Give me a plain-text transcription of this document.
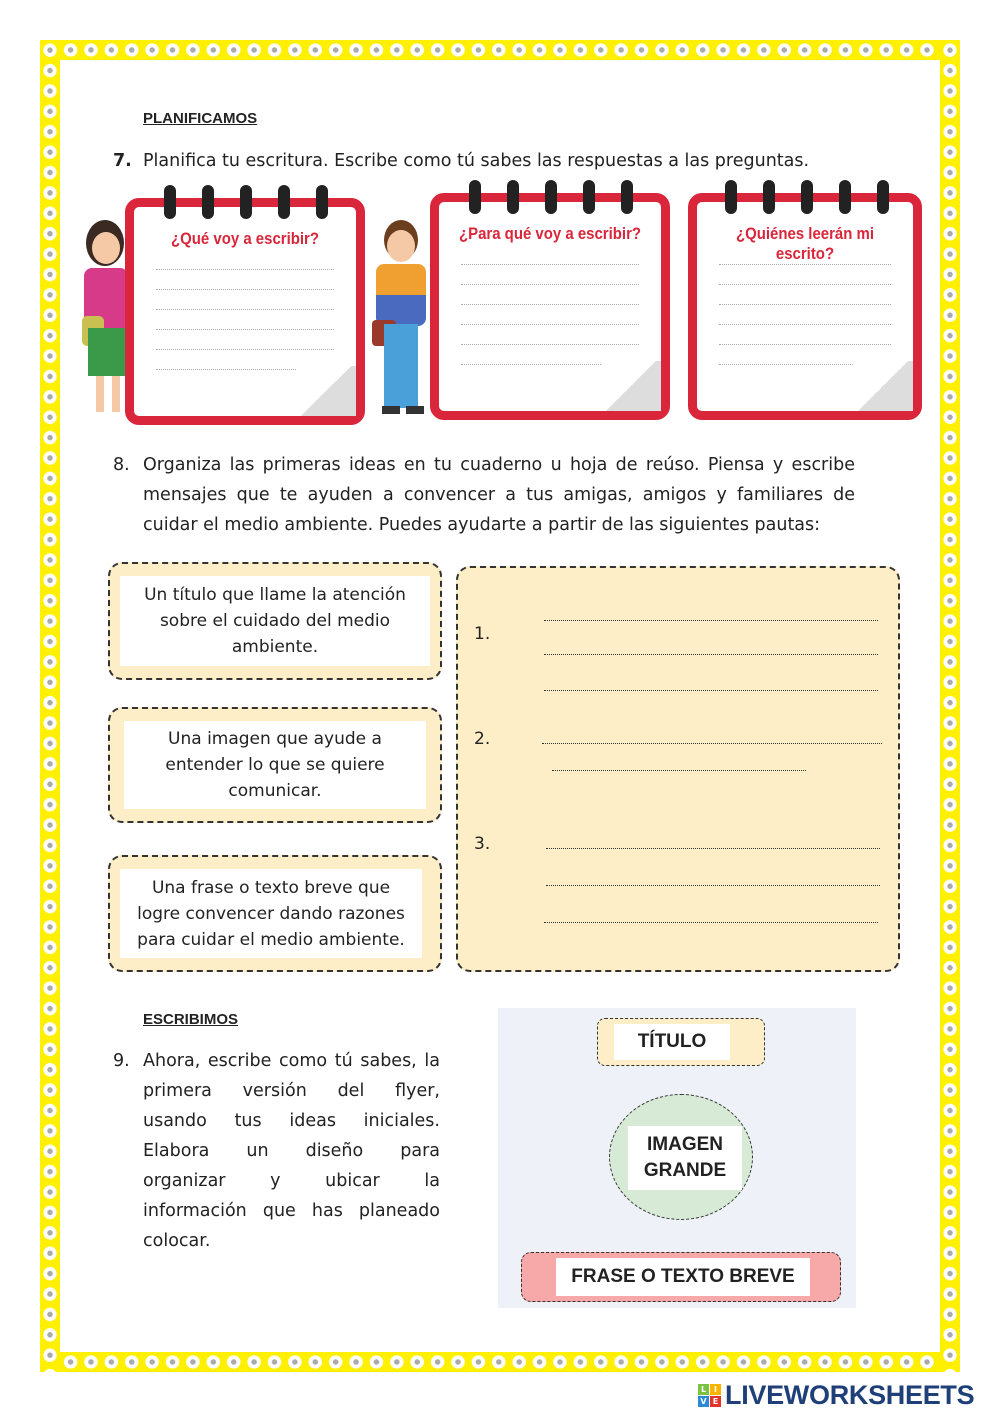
PLANIFICAMOS
7. Planifica tu escritura. Escribe como tú sabes las respuestas a las preguntas.
¿Qué voy a escribir?	¿Para qué voy a escribir?	¿Quiénes leerán mi escrito?
8. Organiza las primeras ideas en tu cuaderno u hoja de reúso. Piensa y escribe
mensajes que te ayuden a convencer a tus amigas, amigos y familiares de
cuidar el medio ambiente. Puedes ayudarte a partir de las siguientes pautas:
Un título que llame la atención sobre el cuidado del medio ambiente.
Una imagen que ayude a entender lo que se quiere comunicar.
Una frase o texto breve que logre convencer dando razones para cuidar el medio ambiente.
1.
2.
3.
ESCRIBIMOS
9. Ahora, escribe como tú sabes, la primera versión del flyer, usando tus ideas iniciales. Elabora un diseño para organizar y ubicar la información que has planeado colocar.
TÍTULO
IMAGEN GRANDE
FRASE O TEXTO BREVE
L I
V E LIVEWORKSHEETS
